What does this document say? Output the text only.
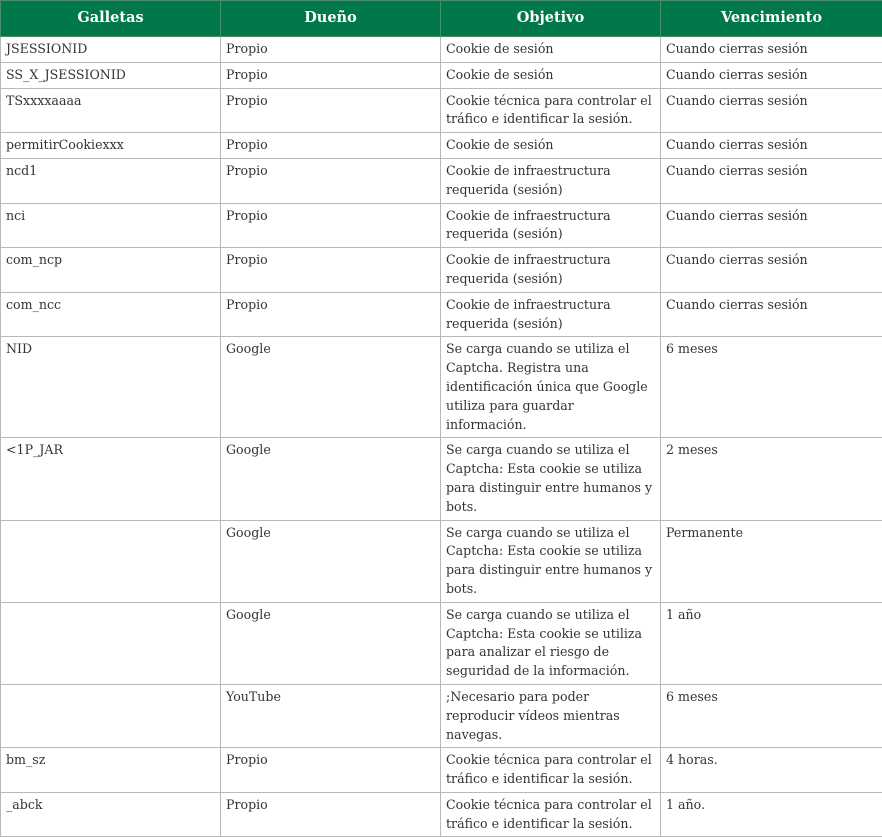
Galletas	Dueño	Objetivo	Vencimiento
JSESSIONID	Propio	Cookie de sesión	Cuando cierras sesión
SS_X_JSESSIONID	Propio	Cookie de sesión	Cuando cierras sesión
TSxxxxaaaa	Propio	Cookie técnica para controlar el tráfico e identificar la sesión.	Cuando cierras sesión
permitirCookiexxx	Propio	Cookie de sesión	Cuando cierras sesión
ncd1	Propio	Cookie de infraestructura requerida (sesión)	Cuando cierras sesión
nci	Propio	Cookie de infraestructura requerida (sesión)	Cuando cierras sesión
com_ncp	Propio	Cookie de infraestructura requerida (sesión)	Cuando cierras sesión
com_ncc	Propio	Cookie de infraestructura requerida (sesión)	Cuando cierras sesión
NID	Google	Se carga cuando se utiliza el Captcha. Registra una identificación única que Google utiliza para guardar información.	6 meses
<1P_JAR	Google	Se carga cuando se utiliza el Captcha: Esta cookie se utiliza para distinguir entre humanos y bots.	2 meses
	Google	Se carga cuando se utiliza el Captcha: Esta cookie se utiliza para distinguir entre humanos y bots.	Permanente
	Google	Se carga cuando se utiliza el Captcha: Esta cookie se utiliza para analizar el riesgo de seguridad de la información.	1 año
	YouTube	;Necesario para poder reproducir vídeos mientras navegas.	6 meses
bm_sz	Propio	Cookie técnica para controlar el tráfico e identificar la sesión.	4 horas.
_abck	Propio	Cookie técnica para controlar el tráfico e identificar la sesión.	1 año.
